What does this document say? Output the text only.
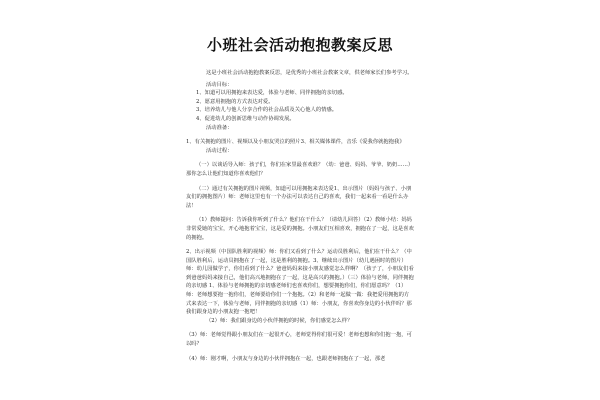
小班社会活动抱抱教案反思

这是小班社会活动抱抱教案反思，是优秀的小班社会教案文章，供老师家长们参考学习。

活动目标：

1、知道可以用拥抱来表达爱，体验与老师、同伴拥抱的亲切感。

2、愿意用拥抱的方式表达对爱。

3、培养幼儿与他人分享合作的社会品质及关心他人的情感。

4、促进幼儿的创新思维与动作协调发展。

活动准备：

1、有关拥抱的图片、视频以及小朋友哭泣的照片3、相关媒体课件，音乐《爱我你就抱抱我》

活动过程：

（一）以谈话导入师：孩子们，你们在家里最喜欢谁？（幼：爸爸、妈妈、爷爷、奶奶……）那你怎么让他们知道你喜欢他们？

（二）通过有关拥抱的图片视频，知道可以用拥抱来表达爱1、出示图片（妈妈与孩子、小朋友们的拥抱图片）师：老师这里也有一个办法可以表达自己的喜欢，我们一起来看一看是什么办法！

（1）教师提问：告诉我你听到了什么？他们在干什么？（请幼儿回答）（2）教师小结：妈妈非常爱她的宝宝，开心地抱着宝宝，这是爱的拥抱。小朋友们互相喜欢，拥抱在了一起，这是喜欢的拥抱。

2、出示视频（中国队胜利的视频）师：你们又看到了什么？运动员胜利后，他们在干什么？（中国队胜利后，运动员拥抱在了一起，这是胜利的拥抱。3、继续出示图片（幼儿遇困时的图片）师：幼儿园做学子，你们看到了什么？爸爸妈妈来接小朋友感觉怎么样啊？（孩子了，小朋友们看到爸爸妈妈来接自己，他们高兴地拥抱在了一起，这是高兴的拥抱。）（三）体验与老师，同伴拥抱的亲切感 1、体验与老师拥抱的亲切感老师们也喜欢你们，想要拥抱你们，你们愿意吗？（1）师：老师想要抱一抱你们，老师要给你们一个抱抱。（2）和老师一起做一做：我把爱用拥抱的方式来表达一下，体验与老师，同伴拥抱的亲切感（1）师：小朋友，你喜欢你身边的小伙伴吗？那我们跟身边的小朋友抱一抱吧！

（2）师：我们跟身边的小伙伴拥抱的时候，你们感觉怎么样？

（3）师：老师觉得跟小朋友们在一起很开心，老师觉得你们很可爱！老师也想和你们抱一抱，可以吗？

（4）师：刚才啊，小朋友与身边的小伙伴拥抱在一起，也跟老师拥抱在了一起，那老
